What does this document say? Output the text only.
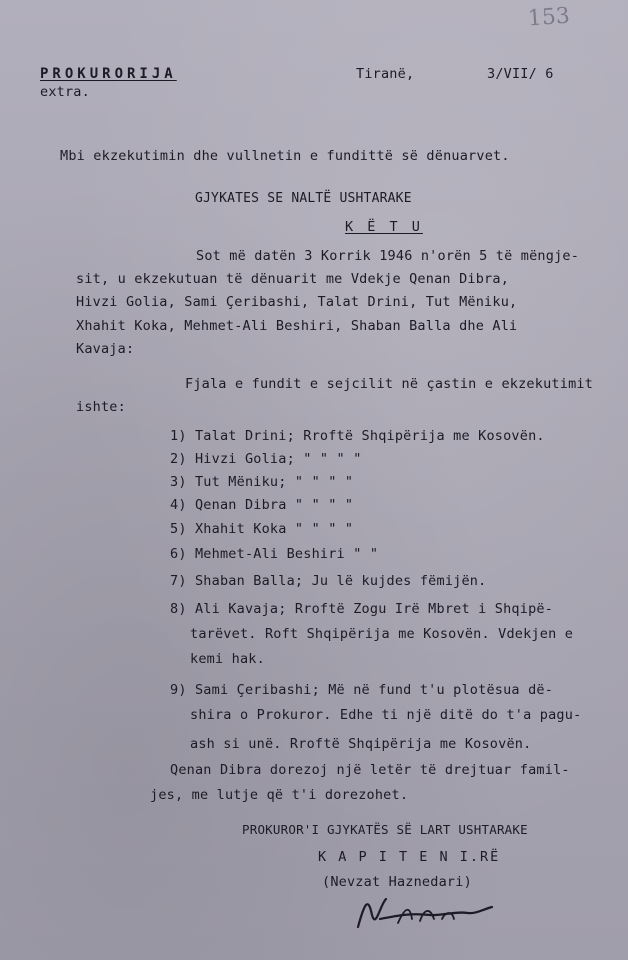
153
PROKURORIJA
extra.
Tiranë,	3/VII/ 6
Mbi ekzekutimin dhe vullnetin e fundittë së dënuarvet.
GJYKATES SE NALTË USHTARAKE
K Ë T U
Sot më datën 3 Korrik 1946 n'orën 5 të mëngje-
sit, u ekzekutuan të dënuarit me Vdekje Qenan Dibra,
Hivzi Golia, Sami Çeribashi, Talat Drini, Tut Mëniku,
Xhahit Koka, Mehmet-Ali Beshiri, Shaban Balla dhe Ali
Kavaja:
Fjala e fundit e sejcilit në çastin e ekzekutimit
ishte:
1) Talat Drini; Rroftë Shqipërija me Kosovën.
2) Hivzi Golia; " " " "
3) Tut Mëniku; " " " "
4) Qenan Dibra " " " "
5) Xhahit Koka " " " "
6) Mehmet-Ali Beshiri " "
7) Shaban Balla; Ju lë kujdes fëmijën.
8) Ali Kavaja; Rroftë Zogu Irë Mbret i Shqipë-
tarëvet. Roft Shqipërija me Kosovën. Vdekjen e
kemi hak.
9) Sami Çeribashi; Më në fund t'u plotësua dë-
shira o Prokuror. Edhe ti një ditë do t'a pagu-
ash si unë. Rroftë Shqipërija me Kosovën.
Qenan Dibra dorezoj një letër të drejtuar famil-
jes, me lutje që t'i dorezohet.
PROKUROR'I GJYKATËS SË LART USHTARAKE
K A P I T E N I.RË
(Nevzat Haznedari)
